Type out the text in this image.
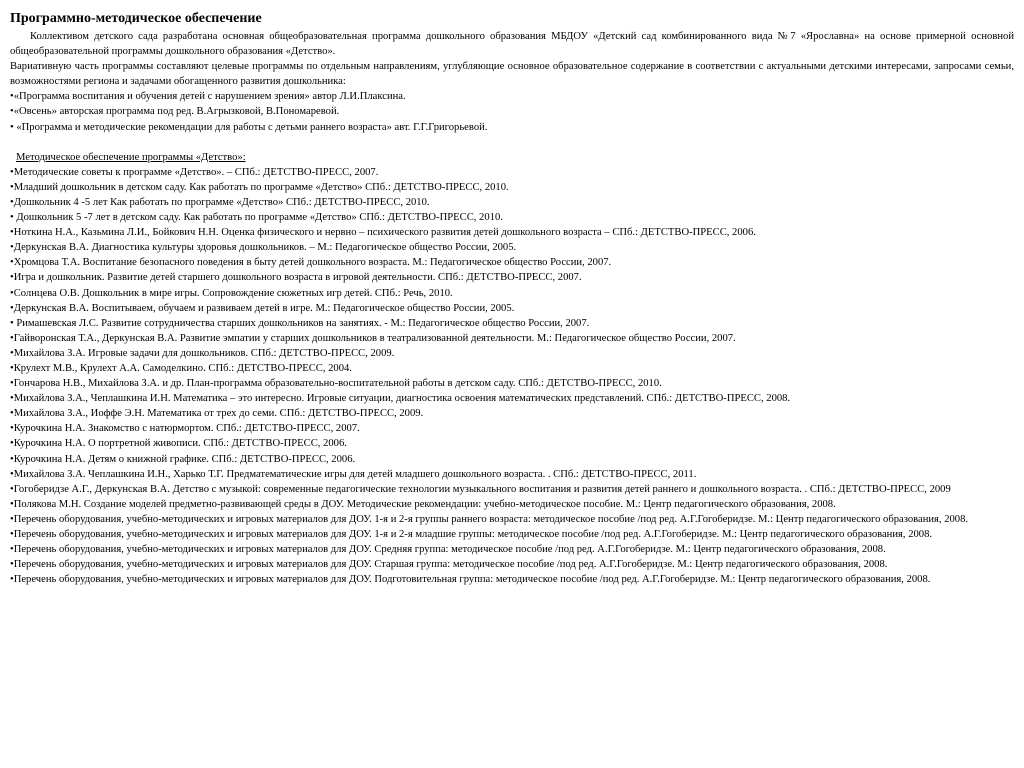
Программно-методическое обеспечение

Коллективом детского сада разработана основная общеобразовательная программа дошкольного образования МБДОУ «Детский сад комбинированного вида №7 «Ярославна» на основе примерной основной общеобразовательной программы дошкольного образования «Детство».

Вариативную часть программы составляют целевые программы по отдельным направлениям, углубляющие основное образовательное содержание в соответствии с актуальными детскими интересами, запросами семьи, возможностями региона и задачами обогащенного развития дошкольника:

•«Программа воспитания и обучения детей с нарушением зрения» автор Л.И.Плаксина.

•«Овсень» авторская программа под ред. В.Агрызковой, В.Пономаревой.

• «Программа и методические рекомендации для работы с детьми раннего возраста» авт. Г.Г.Григорьевой.

Методическое обеспечение программы «Детство»:

•Методические советы к программе «Детство». – СПб.: ДЕТСТВО-ПРЕСС, 2007.

•Младший дошкольник в детском саду. Как работать по программе «Детство» СПб.: ДЕТСТВО-ПРЕСС, 2010.

•Дошкольник 4 -5 лет Как работать по программе «Детство» СПб.: ДЕТСТВО-ПРЕСС, 2010.

• Дошкольник 5 -7 лет в детском саду. Как работать по программе «Детство» СПб.: ДЕТСТВО-ПРЕСС, 2010.

•Ноткина Н.А., Казьмина Л.И., Бойкович Н.Н. Оценка физического и нервно – психического развития детей дошкольного возраста – СПб.: ДЕТСТВО-ПРЕСС, 2006.

•Деркунская В.А. Диагностика культуры здоровья дошкольников. – М.: Педагогическое общество России, 2005.

•Хромцова Т.А. Воспитание безопасного поведения в быту детей дошкольного возраста. М.: Педагогическое общество России, 2007.

•Игра и дошкольник. Развитие детей старшего дошкольного возраста в игровой деятельности. СПб.: ДЕТСТВО-ПРЕСС, 2007.

•Солнцева О.В. Дошкольник в мире игры. Сопровождение сюжетных игр детей. СПб.: Речь, 2010.

•Деркунская В.А. Воспитываем, обучаем и развиваем детей в игре. М.: Педагогическое общество России, 2005.

• Римашевская Л.С. Развитие сотрудничества старших дошкольников на занятиях. - М.: Педагогическое общество России, 2007.

•Гайворонская Т.А., Деркунская В.А. Развитие эмпатии у старших дошкольников в театрализованной деятельности. М.: Педагогическое общество России, 2007.

•Михайлова З.А. Игровые задачи для дошкольников. СПб.: ДЕТСТВО-ПРЕСС, 2009.

•Крулехт М.В., Крулехт А.А. Самоделкино. СПб.: ДЕТСТВО-ПРЕСС, 2004.

•Гончарова Н.В., Михайлова З.А. и др. План-программа образовательно-воспитательной работы в детском саду. СПб.: ДЕТСТВО-ПРЕСС, 2010.

•Михайлова З.А., Чеплашкина И.Н. Математика – это интересно. Игровые ситуации, диагностика освоения математических представлений. СПб.: ДЕТСТВО-ПРЕСС, 2008.

•Михайлова З.А., Иоффе Э.Н. Математика от трех до семи. СПб.: ДЕТСТВО-ПРЕСС, 2009.

•Курочкина Н.А. Знакомство с натюрмортом. СПб.: ДЕТСТВО-ПРЕСС, 2007.

•Курочкина Н.А. О портретной живописи. СПб.: ДЕТСТВО-ПРЕСС, 2006.

•Курочкина Н.А. Детям о книжной графике. СПб.: ДЕТСТВО-ПРЕСС, 2006.

•Михайлова З.А. Чеплашкина И.Н., Харько Т.Г. Предматематические игры для детей младшего дошкольного возраста. . СПб.: ДЕТСТВО-ПРЕСС, 2011.

•Гогоберидзе А.Г., Деркунская В.А. Детство с музыкой: современные педагогические технологии музыкального воспитания и развития детей раннего и дошкольного возраста. . СПб.: ДЕТСТВО-ПРЕСС, 2009

•Полякова М.Н. Создание моделей предметно-развивающей среды в ДОУ. Методические рекомендации: учебно-методическое пособие. М.: Центр педагогического образования, 2008.

•Перечень оборудования, учебно-методических и игровых материалов для ДОУ. 1-я и 2-я группы раннего возраста: методическое пособие /под ред. А.Г.Гогоберидзе. М.: Центр педагогического образования, 2008.

•Перечень оборудования, учебно-методических и игровых материалов для ДОУ. 1-я и 2-я младшие группы: методическое пособие /под ред. А.Г.Гогоберидзе. М.: Центр педагогического образования, 2008.

•Перечень оборудования, учебно-методических и игровых материалов для ДОУ. Средняя группа: методическое пособие /под ред. А.Г.Гогоберидзе. М.: Центр педагогического образования, 2008.

•Перечень оборудования, учебно-методических и игровых материалов для ДОУ. Старшая группа: методическое пособие /под ред. А.Г.Гогоберидзе. М.: Центр педагогического образования, 2008.

•Перечень оборудования, учебно-методических и игровых материалов для ДОУ. Подготовительная группа: методическое пособие /под ред. А.Г.Гогоберидзе. М.: Центр педагогического образования, 2008.
